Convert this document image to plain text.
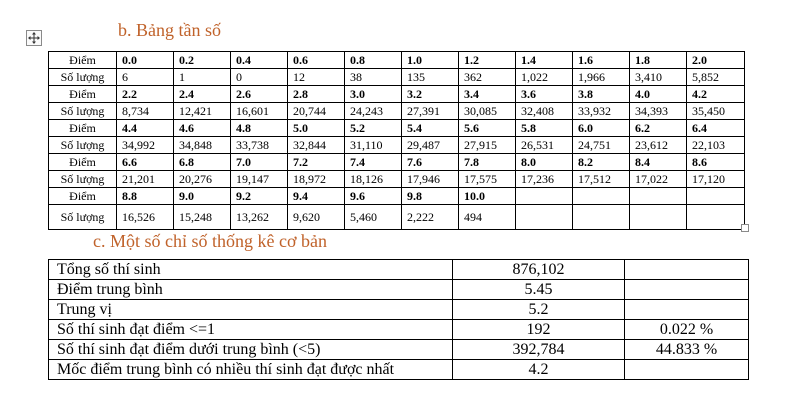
b. Bảng tần số
Điểm	0.0	0.2	0.4	0.6	0.8	1.0	1.2	1.4	1.6	1.8	2.0
Số lượng	6	1	0	12	38	135	362	1,022	1,966	3,410	5,852
Điểm	2.2	2.4	2.6	2.8	3.0	3.2	3.4	3.6	3.8	4.0	4.2
Số lượng	8,734	12,421	16,601	20,744	24,243	27,391	30,085	32,408	33,932	34,393	35,450
Điểm	4.4	4.6	4.8	5.0	5.2	5.4	5.6	5.8	6.0	6.2	6.4
Số lượng	34,992	34,848	33,738	32,844	31,110	29,487	27,915	26,531	24,751	23,612	22,103
Điểm	6.6	6.8	7.0	7.2	7.4	7.6	7.8	8.0	8.2	8.4	8.6
Số lượng	21,201	20,276	19,147	18,972	18,126	17,946	17,575	17,236	17,512	17,022	17,120
Điểm	8.8	9.0	9.2	9.4	9.6	9.8	10.0				
Số lượng	16,526	15,248	13,262	9,620	5,460	2,222	494				
c. Một số chỉ số thống kê cơ bản
Tổng số thí sinh	876,102	
Điểm trung bình	5.45	
Trung vị	5.2	
Số thí sinh đạt điểm <=1	192	0.022 %
Số thí sinh đạt điểm dưới trung bình (<5)	392,784	44.833 %
Mốc điểm trung bình có nhiều thí sinh đạt được nhất	4.2	
